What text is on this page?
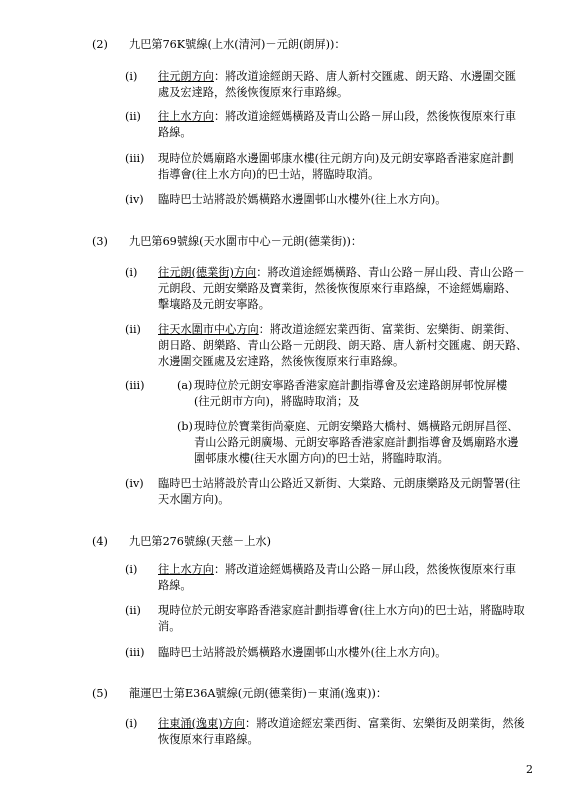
(2) 九巴第76K號線(上水(清河)－元朗(朗屏))：
(i) 往元朗方向：將改道途經朗天路、唐人新村交匯處、朗天路、水邊圍交匯
處及宏達路，然後恢復原來行車路線。
(ii) 往上水方向：將改道途經媽橫路及青山公路－屏山段，然後恢復原來行車
路線。
(iii) 現時位於媽廟路水邊圍邨康水樓(往元朗方向)及元朗安寧路香港家庭計劃
指導會(往上水方向)的巴士站，將臨時取消。
(iv) 臨時巴士站將設於媽橫路水邊圍邨山水樓外(往上水方向)。
(3) 九巴第69號線(天水圍市中心－元朗(德業街))：
(i) 往元朗(德業街)方向：將改道途經媽橫路、青山公路－屏山段、青山公路－
元朗段、元朗安樂路及寶業街，然後恢復原來行車路線，不途經媽廟路、
擊壤路及元朗安寧路。
(ii) 往天水圍市中心方向：將改道途經宏業西街、富業街、宏樂街、朗業街、
朗日路、朗樂路、青山公路－元朗段、朗天路、唐人新村交匯處、朗天路、
水邊圍交匯處及宏達路，然後恢復原來行車路線。
(iii)	(a) 現時位於元朗安寧路香港家庭計劃指導會及宏達路朗屏邨悅屏樓
(往元朗市方向)，將臨時取消；及
(b) 現時位於寶業街尚豪庭、元朗安樂路大橋村、媽橫路元朗屏昌徑、
青山公路元朗廣場、元朗安寧路香港家庭計劃指導會及媽廟路水邊
圍邨康水樓(往天水圍方向)的巴士站，將臨時取消。
(iv) 臨時巴士站將設於青山公路近又新街、大棠路、元朗康樂路及元朗警署(往
天水圍方向)。
(4) 九巴第276號線(天慈－上水)
(i) 往上水方向：將改道途經媽橫路及青山公路－屏山段，然後恢復原來行車
路線。
(ii) 現時位於元朗安寧路香港家庭計劃指導會(往上水方向)的巴士站，將臨時取
消。
(iii) 臨時巴士站將設於媽橫路水邊圍邨山水樓外(往上水方向)。
(5) 龍運巴士第E36A號線(元朗(德業街)－東涌(逸東))：
(i) 往東涌(逸東)方向：將改道途經宏業西街、富業街、宏樂街及朗業街，然後
恢復原來行車路線。
2
